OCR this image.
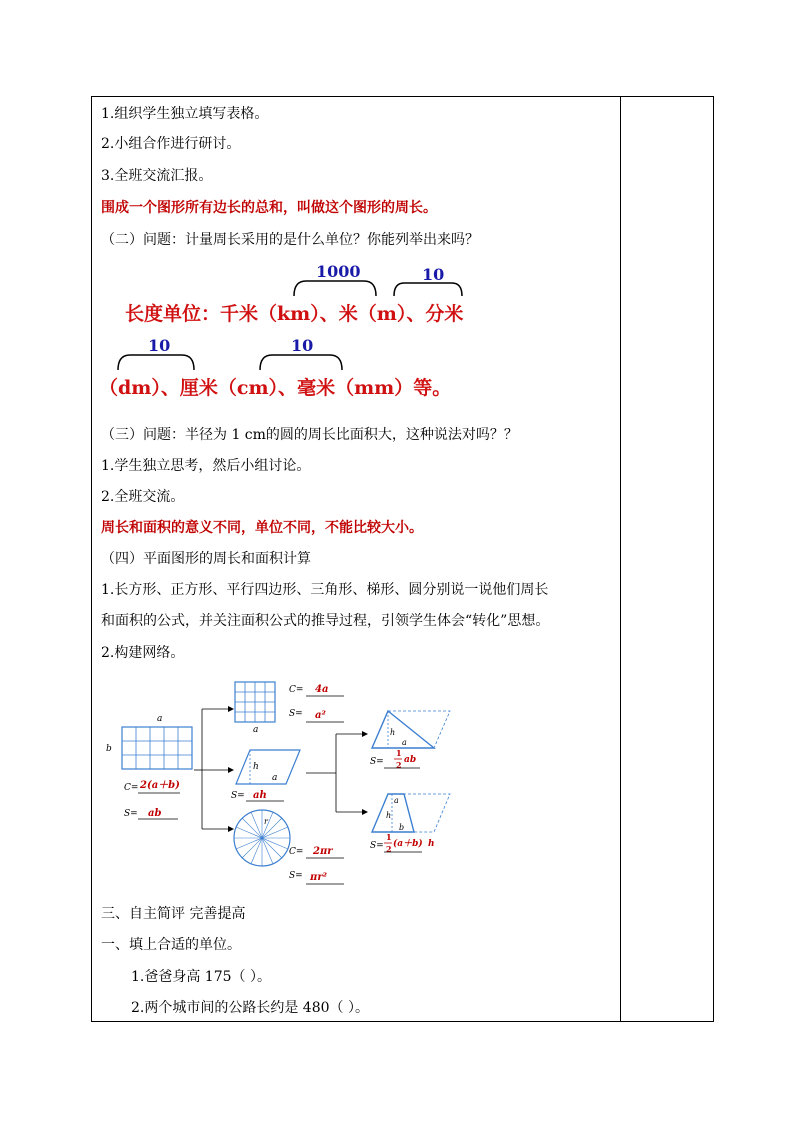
1.组织学生独立填写表格。
2.小组合作进行研讨。
3.全班交流汇报。
围成一个图形所有边长的总和，叫做这个图形的周长。
（二）问题：计量周长采用的是什么单位？你能列举出来吗？
1000	10
长度单位：千米（km）、米（m）、分米
10	10
（dm）、厘米（cm）、毫米（mm）等。
（三）问题：半径为 1 cm的圆的周长比面积大，这种说法对吗？？
1.学生独立思考，然后小组讨论。
2.全班交流。
周长和面积的意义不同，单位不同，不能比较大小。
（四）平面图形的周长和面积计算
1.长方形、正方形、平行四边形、三角形、梯形、圆分别说一说他们周长
和面积的公式，并关注面积公式的推导过程，引领学生体会“转化”思想。
2.构建网络。
a
b
C= 2(a＋b)
S= ab
a
C= 4a
S= a²
h
a
S= ah
r
C= 2πr
S= πr²
h
a
S=
1
2 ab
a
h
b
S=
1
2 (a＋b) h
三、自主简评 完善提高
一、填上合适的单位。
1.爸爸身高 175（ ）。
2.两个城市间的公路长约是 480（ ）。
